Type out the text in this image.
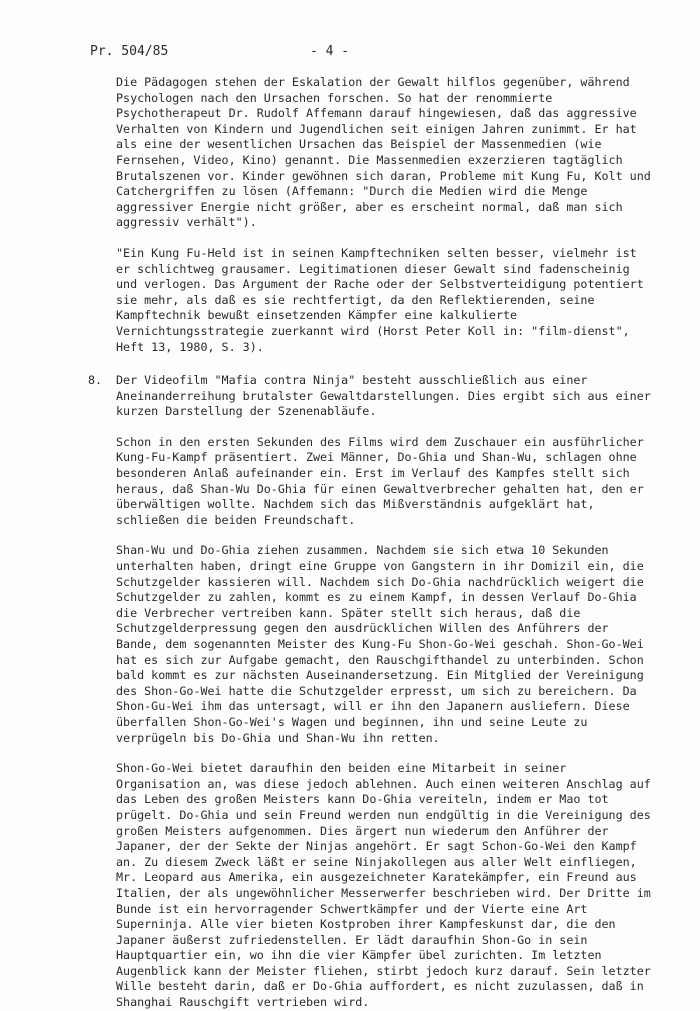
Pr. 504/85	- 4 -

Die Pädagogen stehen der Eskalation der Gewalt hilflos gegenüber, während Psychologen nach den Ursachen forschen. So hat der renommierte Psychotherapeut Dr. Rudolf Affemann darauf hingewiesen, daß das aggressive Verhalten von Kindern und Jugendlichen seit einigen Jahren zunimmt. Er hat als eine der wesentlichen Ursachen das Beispiel der Massenmedien (wie Fernsehen, Video, Kino) genannt. Die Massenmedien exzerzieren tagtäglich Brutalszenen vor. Kinder gewöhnen sich daran, Probleme mit Kung Fu, Kolt und Catchergriffen zu lösen (Affemann: "Durch die Medien wird die Menge aggressiver Energie nicht größer, aber es erscheint normal, daß man sich aggressiv verhält").

"Ein Kung Fu-Held ist in seinen Kampftechniken selten besser, vielmehr ist er schlichtweg grausamer. Legitimationen dieser Gewalt sind fadenscheinig und verlogen. Das Argument der Rache oder der Selbstverteidigung potentiert sie mehr, als daß es sie rechtfertigt, da den Reflektierenden, seine Kampftechnik bewußt einsetzenden Kämpfer eine kalkulierte Vernichtungsstrategie zuerkannt wird (Horst Peter Koll in: "film-dienst", Heft 13, 1980, S. 3).

8. Der Videofilm "Mafia contra Ninja" besteht ausschließlich aus einer Aneinanderreihung brutalster Gewaltdarstellungen. Dies ergibt sich aus einer kurzen Darstellung der Szenenabläufe.

Schon in den ersten Sekunden des Films wird dem Zuschauer ein ausführlicher Kung-Fu-Kampf präsentiert. Zwei Männer, Do-Ghia und Shan-Wu, schlagen ohne besonderen Anlaß aufeinander ein. Erst im Verlauf des Kampfes stellt sich heraus, daß Shan-Wu Do-Ghia für einen Gewaltverbrecher gehalten hat, den er überwältigen wollte. Nachdem sich das Mißverständnis aufgeklärt hat, schließen die beiden Freundschaft.

Shan-Wu und Do-Ghia ziehen zusammen. Nachdem sie sich etwa 10 Sekunden unterhalten haben, dringt eine Gruppe von Gangstern in ihr Domizil ein, die Schutzgelder kassieren will. Nachdem sich Do-Ghia nachdrücklich weigert die Schutzgelder zu zahlen, kommt es zu einem Kampf, in dessen Verlauf Do-Ghia die Verbrecher vertreiben kann. Später stellt sich heraus, daß die Schutzgelderpressung gegen den ausdrücklichen Willen des Anführers der Bande, dem sogenannten Meister des Kung-Fu Shon-Go-Wei geschah. Shon-Go-Wei hat es sich zur Aufgabe gemacht, den Rauschgifthandel zu unterbinden. Schon bald kommt es zur nächsten Auseinandersetzung. Ein Mitglied der Vereinigung des Shon-Go-Wei hatte die Schutzgelder erpresst, um sich zu bereichern. Da Shon-Gu-Wei ihm das untersagt, will er ihn den Japanern ausliefern. Diese überfallen Shon-Go-Wei's Wagen und beginnen, ihn und seine Leute zu verprügeln bis Do-Ghia und Shan-Wu ihn retten.

Shon-Go-Wei bietet daraufhin den beiden eine Mitarbeit in seiner Organisation an, was diese jedoch ablehnen. Auch einen weiteren Anschlag auf das Leben des großen Meisters kann Do-Ghia vereiteln, indem er Mao tot prügelt. Do-Ghia und sein Freund werden nun endgültig in die Vereinigung des großen Meisters aufgenommen. Dies ärgert nun wiederum den Anführer der Japaner, der der Sekte der Ninjas angehört. Er sagt Schon-Go-Wei den Kampf an. Zu diesem Zweck läßt er seine Ninjakollegen aus aller Welt einfliegen, Mr. Leopard aus Amerika, ein ausgezeichneter Karatekämpfer, ein Freund aus Italien, der als ungewöhnlicher Messerwerfer beschrieben wird. Der Dritte im Bunde ist ein hervorragender Schwertkämpfer und der Vierte eine Art Superninja. Alle vier bieten Kostproben ihrer Kampfeskunst dar, die den Japaner äußerst zufriedenstellen. Er lädt daraufhin Shon-Go in sein Hauptquartier ein, wo ihn die vier Kämpfer übel zurichten. Im letzten Augenblick kann der Meister fliehen, stirbt jedoch kurz darauf. Sein letzter Wille besteht darin, daß er Do-Ghia auffordert, es nicht zuzulassen, daß in Shanghai Rauschgift vertrieben wird.
